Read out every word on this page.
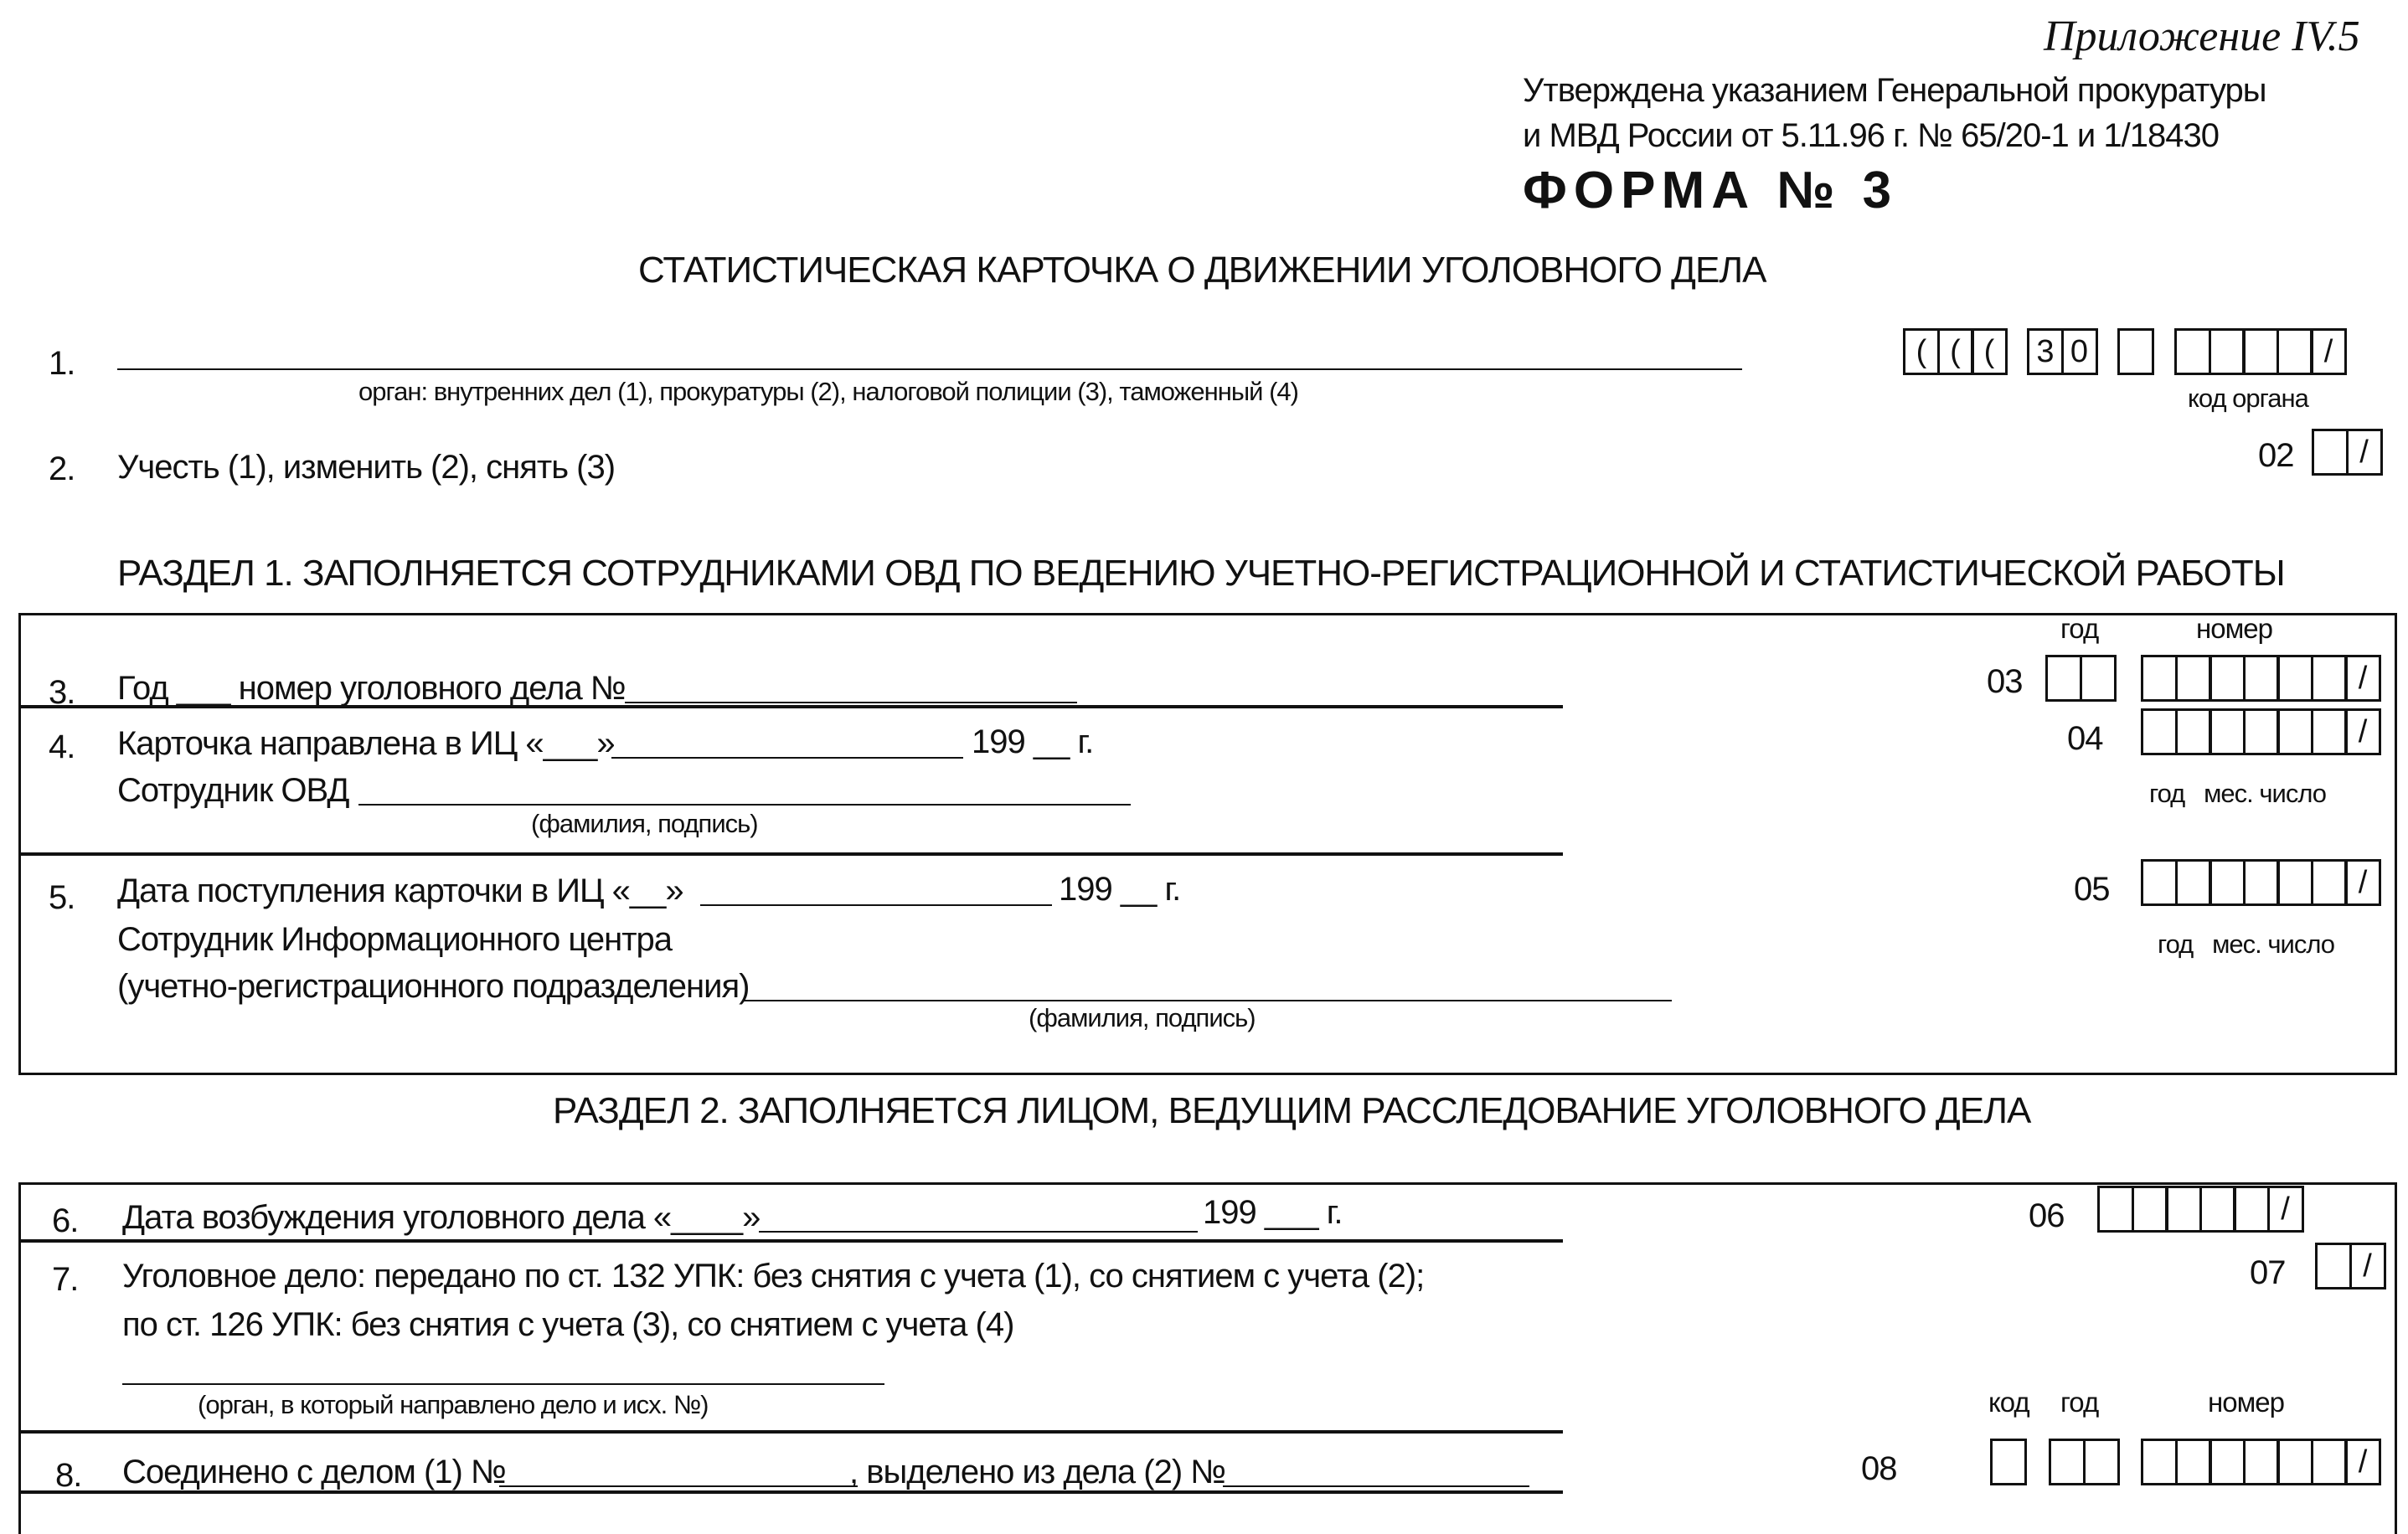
Приложение IV.5
Утверждена указанием Генеральной прокуратуры
и МВД России от 5.11.96 г. № 65/20-1 и 1/18430
ФОРМА № 3
СТАТИСТИЧЕСКАЯ КАРТОЧКА О ДВИЖЕНИИ УГОЛОВНОГО ДЕЛА
1.
орган: внутренних дел (1), прокуратуры (2), налоговой полиции (3), таможенный (4)
( ( (	3 0	/
код органа
2. Учесть (1), изменить (2), снять (3)	02	/
РАЗДЕЛ 1. ЗАПОЛНЯЕТСЯ СОТРУДНИКАМИ ОВД ПО ВЕДЕНИЮ УЧЕТНО-РЕГИСТРАЦИОННОЙ И СТАТИСТИЧЕСКОЙ РАБОТЫ
год	номер
3. Год ___ номер уголовного дела №	03	/
4. Карточка направлена в ИЦ «___»	199 __ г.
Сотрудник ОВД
(фамилия, подпись)
04	/
год   мес. число
5. Дата поступления карточки в ИЦ «__»	199 __ г.
Сотрудник Информационного центра
(учетно-регистрационного подразделения)
(фамилия, подпись)
05	/
год   мес. число
РАЗДЕЛ 2. ЗАПОЛНЯЕТСЯ ЛИЦОМ, ВЕДУЩИМ РАССЛЕДОВАНИЕ УГОЛОВНОГО ДЕЛА
6. Дата возбуждения уголовного дела «____»	199 ___ г.	06	/
7. Уголовное дело: передано по ст. 132 УПК: без снятия с учета (1), со снятием с учета (2);
по ст. 126 УПК: без снятия с учета (3), со снятием с учета (4)
(орган, в который направлено дело и исх. №)
07	/
код год	номер
8. Соединено с делом (1) №	, выделено из дела (2) №	08	/
